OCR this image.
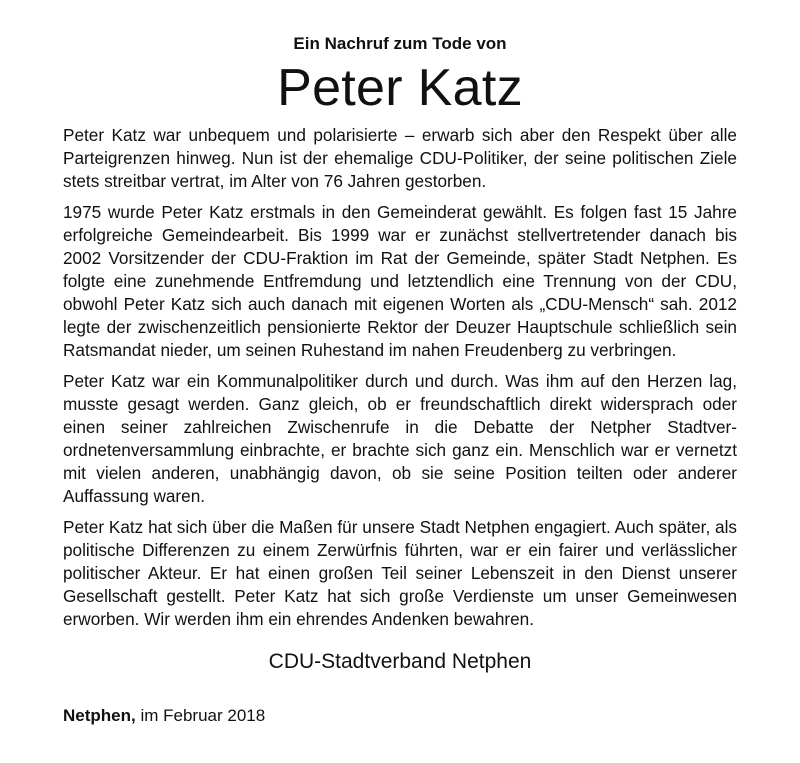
Ein Nachruf zum Tode von

Peter Katz

Peter Katz war unbequem und polarisierte – erwarb sich aber den Respekt über alle Parteigrenzen hinweg. Nun ist der ehemalige CDU-Politiker, der seine politischen Ziele stets streitbar vertrat, im Alter von 76 Jahren gestorben.

1975 wurde Peter Katz erstmals in den Gemeinderat gewählt. Es folgen fast 15 Jahre erfolgreiche Gemeindearbeit. Bis 1999 war er zunächst stellvertretender danach bis 2002 Vorsitzender der CDU-Fraktion im Rat der Gemeinde, später Stadt Netphen. Es folgte eine zunehmende Entfremdung und letztendlich eine Trennung von der CDU, obwohl Peter Katz sich auch danach mit eigenen Worten als „CDU-Mensch“ sah. 2012 legte der zwischenzeitlich pensionierte Rektor der Deuzer Hauptschule schließlich sein Ratsmandat nieder, um seinen Ruhestand im nahen Freudenberg zu verbringen.

Peter Katz war ein Kommunalpolitiker durch und durch. Was ihm auf den Herzen lag, musste gesagt werden. Ganz gleich, ob er freundschaftlich direkt widersprach oder einen seiner zahlreichen Zwischenrufe in die Debatte der Netpher Stadtverordnetenversammlung einbrachte, er brachte sich ganz ein. Menschlich war er vernetzt mit vielen anderen, unabhängig davon, ob sie seine Position teilten oder anderer Auffassung waren.

Peter Katz hat sich über die Maßen für unsere Stadt Netphen engagiert. Auch später, als politische Differenzen zu einem Zerwürfnis führten, war er ein fairer und verlässlicher politischer Akteur. Er hat einen großen Teil seiner Lebenszeit in den Dienst unserer Gesellschaft gestellt. Peter Katz hat sich große Verdienste um unser Gemeinwesen erworben. Wir werden ihm ein ehrendes Andenken bewahren.

CDU-Stadtverband Netphen

Netphen, im Februar 2018
